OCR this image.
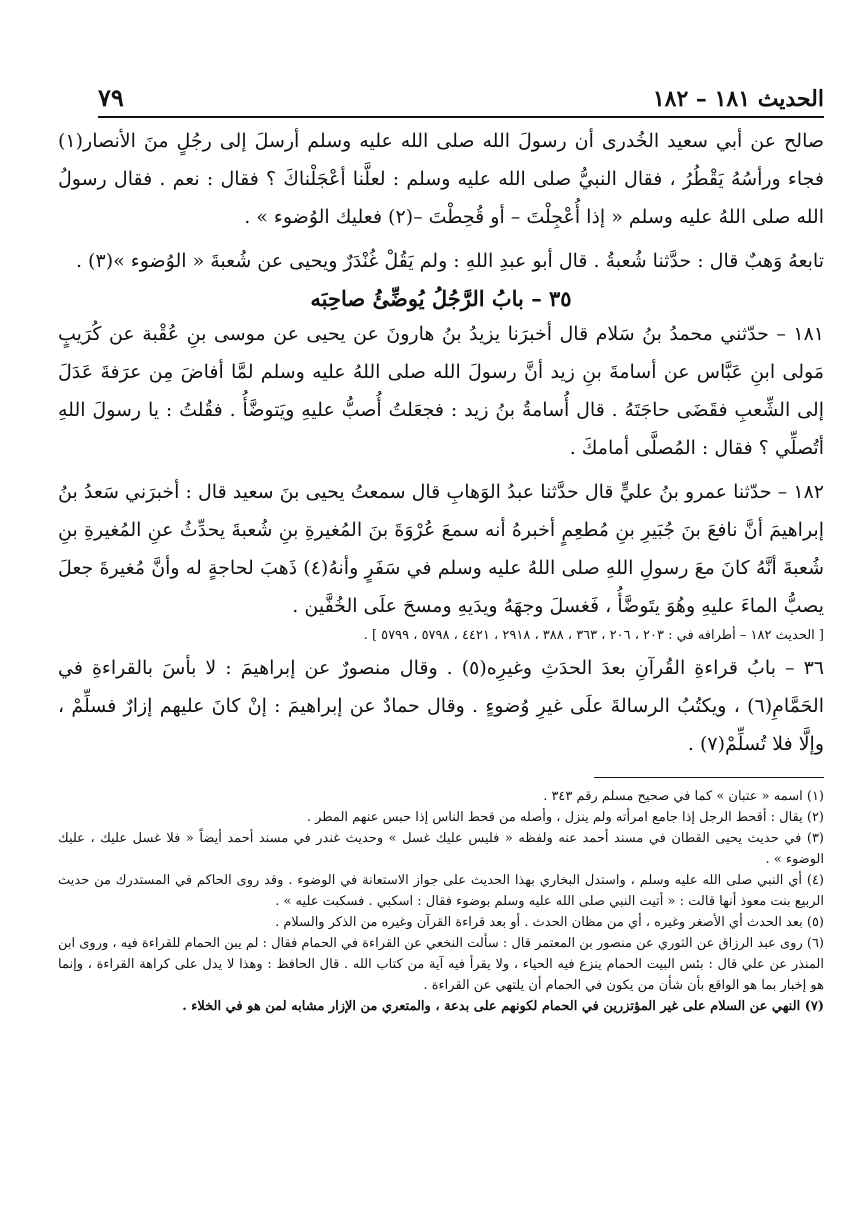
الحديث ١٨١ – ١٨٢
٧٩

صالح عن أبي سعيد الخُدرى أن رسولَ الله صلى الله عليه وسلم أرسلَ إلى رجُلٍ منَ الأنصار(١) فجاء ورأسُهُ يَقْطُرُ ، فقال النبيُّ صلى الله عليه وسلم : لعلَّنا أعْجَلْناكَ ؟ فقال : نعم . فقال رسولُ الله صلى اللهُ عليه وسلم « إذا أُعْجِلْتَ – أو قُحِطْتَ –(٢) فعليك الوُضوء » .

تابعهُ وَهبٌ قال : حدَّثنا شُعبةُ . قال أبو عبدِ اللهِ : ولم يَقُلْ غُنْدَرٌ ويحيى عن شُعبةَ « الوُضوء »(٣) .

٣٥ – بابُ الرَّجُلُ يُوضِّئُ صاحِبَه

١٨١ – حدّثني محمدُ بنُ سَلام قال أخبرَنا يزيدُ بنُ هارونَ عن يحيى عن موسى بنِ عُقْبة عن كُرَيبٍ مَولى ابنِ عَبَّاس عن أسامةَ بنِ زيد أنَّ رسولَ الله صلى اللهُ عليه وسلم لمَّا أفاضَ مِن عرَفةَ عَدَلَ إلى الشِّعبِ فقَضَى حاجَتَهُ . قال أُسامةُ بنُ زيد : فجعَلتُ أُصبُّ عليهِ ويَتوضَّأُ . فقُلتُ : يا رسولَ اللهِ أتُصلِّي ؟ فقال : المُصلَّى أمامكَ .

١٨٢ – حدّثنا عمرو بنُ عليٍّ قال حدَّثنا عبدُ الوَهابِ قال سمعتُ يحيى بنَ سعيد قال : أخبرَني سَعدُ بنُ إبراهيمَ أنَّ نافعَ بنَ جُبَيرِ بنِ مُطعِمٍ أخبرهُ أنه سمعَ عُرْوَةَ بنَ المُغيرةِ بنِ شُعبةَ يحدِّثُ عنِ المُغيرةِ بنِ شُعبةَ أنَّهُ كانَ معَ رسولِ اللهِ صلى اللهُ عليه وسلم في سَفَرٍ وأنهُ(٤) ذَهبَ لحاجةٍ له وأنَّ مُغيرةَ جعلَ يصبُّ الماءَ عليهِ وهُوَ يتَوضَّأُ ، فَغسلَ وجهَهُ ويدَيهِ ومسحَ علَى الخُفَّين .

[ الحديث ١٨٢ – أطرافه في : ٢٠٣ ، ٢٠٦ ، ٣٦٣ ، ٣٨٨ ، ٢٩١٨ ، ٤٤٢١ ، ٥٧٩٨ ، ٥٧٩٩ ] .

٣٦ – بابُ قراءةِ القُرآنِ بعدَ الحدَثِ وغيرِه(٥) . وقال منصورٌ عن إبراهيمَ : لا بأسَ بالقراءةِ في الحَمَّامِ(٦) ، ويكتُبُ الرسالةَ علَى غيرِ وُضوءٍ . وقال حمادٌ عن إبراهيمَ : إنْ كانَ عليهم إزارٌ فسلِّمْ ، وإلَّا فلا تُسلِّمْ(٧) .

(١) اسمه « عتبان » كما في صحيح مسلم رقم ٣٤٣ .

(٢) يقال : أقحط الرجل إذا جامع امرأته ولم ينزل ، وأصله من قحط الناس إذا حبس عنهم المطر .

(٣) في حديث يحيى القطان في مسند أحمد عنه ولفظه « فليس عليك غسل » وحديث غندر في مسند أحمد أيضاً « فلا غسل عليك ، عليك الوضوء » .

(٤) أي النبي صلى الله عليه وسلم ، واستدل البخاري بهذا الحديث على جواز الاستعانة في الوضوء . وقد روى الحاكم في المستدرك من حديث الربيع بنت معوذ أنها قالت : « أتيت النبي صلى الله عليه وسلم بوضوء فقال : اسكبي . فسكبت عليه » .

(٥) بعد الحدث أي الأصغر وغيره ، أي من مظان الحدث . أو بعد قراءة القرآن وغيره من الذكر والسلام .

(٦) روى عبد الرزاق عن الثوري عن منصور بن المعتمر قال : سألت النخعي عن القراءة في الحمام فقال : لم يبن الحمام للقراءة فيه ، وروى ابن المنذر عن علي قال : بئس البيت الحمام ينزع فيه الحياء ، ولا يقرأ فيه آية من كتاب الله . قال الحافظ : وهذا لا يدل على كراهة القراءة ، وإنما هو إخبار بما هو الواقع بأن شأن من يكون في الحمام أن يلتهي عن القراءة .

(٧) النهي عن السلام على غير المؤتزرين في الحمام لكونهم على بدعة ، والمتعري من الإزار مشابه لمن هو في الخلاء .
